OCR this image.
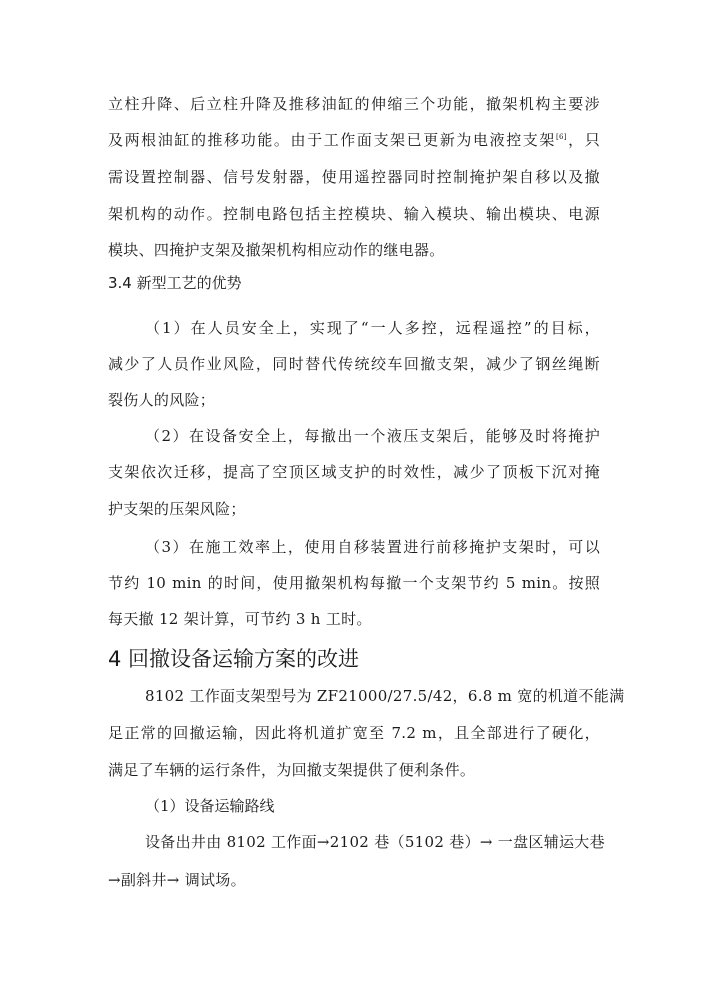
立柱升降、后立柱升降及推移油缸的伸缩三个功能，撤架机构主要涉
及两根油缸的推移功能。由于工作面支架已更新为电液控支架[6]，只
需设置控制器、信号发射器，使用遥控器同时控制掩护架自移以及撤
架机构的动作。控制电路包括主控模块、输入模块、输出模块、电源
模块、四掩护支架及撤架机构相应动作的继电器。
3.4 新型工艺的优势
（1）在人员安全上，实现了“一人多控，远程遥控”的目标，
减少了人员作业风险，同时替代传统绞车回撤支架，减少了钢丝绳断
裂伤人的风险；
（2）在设备安全上，每撤出一个液压支架后，能够及时将掩护
支架依次迁移，提高了空顶区域支护的时效性，减少了顶板下沉对掩
护支架的压架风险；
（3）在施工效率上，使用自移装置进行前移掩护支架时，可以
节约 10 min 的时间，使用撤架机构每撤一个支架节约 5 min。按照
每天撤 12 架计算，可节约 3 h 工时。
4 回撤设备运输方案的改进
8102 工作面支架型号为 ZF21000/27.5/42，6.8 m 宽的机道不能满
足正常的回撤运输，因此将机道扩宽至 7.2 m，且全部进行了硬化，
满足了车辆的运行条件，为回撤支架提供了便利条件。
（1）设备运输路线
设备出井由 8102 工作面→2102 巷（5102 巷）→ 一盘区辅运大巷
→副斜井→ 调试场。
